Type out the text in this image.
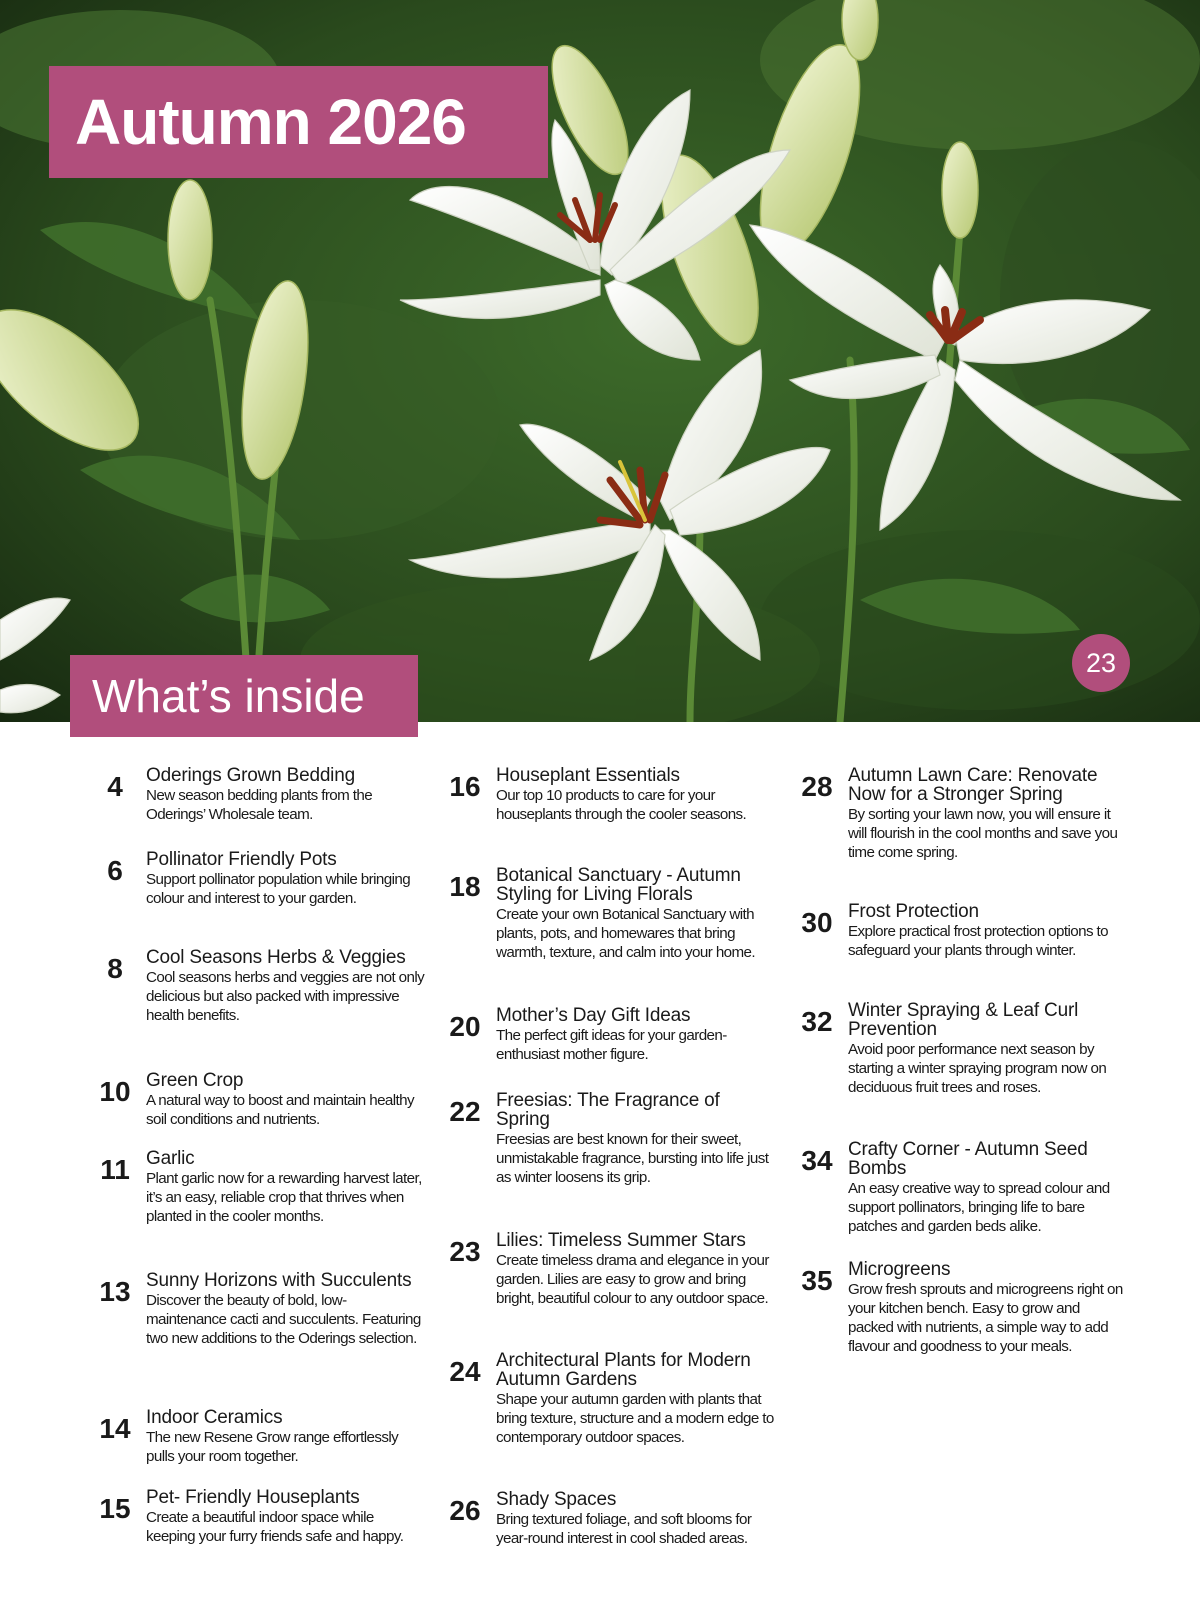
Autumn 2026
What’s inside
23
4	Oderings Grown Bedding
New season bedding plants from the Oderings’ Wholesale team.
6	Pollinator Friendly Pots
Support pollinator population while bringing colour and interest to your garden.
8	Cool Seasons Herbs & Veggies
Cool seasons herbs and veggies are not only delicious but also packed with impressive health benefits.
10 Green Crop
A natural way to boost and maintain healthy soil conditions and nutrients.
11 Garlic
Plant garlic now for a rewarding harvest later, it’s an easy, reliable crop that thrives when planted in the cooler months.
13 Sunny Horizons with Succulents
Discover the beauty of bold, low-maintenance cacti and succulents. Featuring two new additions to the Oderings selection.
14 Indoor Ceramics
The new Resene Grow range effortlessly pulls your room together.
15 Pet- Friendly Houseplants
Create a beautiful indoor space while keeping your furry friends safe and happy.
16 Houseplant Essentials
Our top 10 products to care for your houseplants through the cooler seasons.
18 Botanical Sanctuary - Autumn Styling for Living Florals
Create your own Botanical Sanctuary with plants, pots, and homewares that bring warmth, texture, and calm into your home.
20 Mother’s Day Gift Ideas
The perfect gift ideas for your garden-enthusiast mother figure.
22 Freesias: The Fragrance of Spring
Freesias are best known for their sweet, unmistakable fragrance, bursting into life just as winter loosens its grip.
23 Lilies: Timeless Summer Stars
Create timeless drama and elegance in your garden. Lilies are easy to grow and bring bright, beautiful colour to any outdoor space.
24 Architectural Plants for Modern Autumn Gardens
Shape your autumn garden with plants that bring texture, structure and a modern edge to contemporary outdoor spaces.
26 Shady Spaces
Bring textured foliage, and soft blooms for year-round interest in cool shaded areas.
28 Autumn Lawn Care: Renovate Now for a Stronger Spring
By sorting your lawn now, you will ensure it will flourish in the cool months and save you time come spring.
30 Frost Protection
Explore practical frost protection options to safeguard your plants through winter.
32 Winter Spraying & Leaf Curl Prevention
Avoid poor performance next season by starting a winter spraying program now on deciduous fruit trees and roses.
34 Crafty Corner - Autumn Seed Bombs
An easy creative way to spread colour and support pollinators, bringing life to bare patches and garden beds alike.
35 Microgreens
Grow fresh sprouts and microgreens right on your kitchen bench. Easy to grow and packed with nutrients, a simple way to add flavour and goodness to your meals.
